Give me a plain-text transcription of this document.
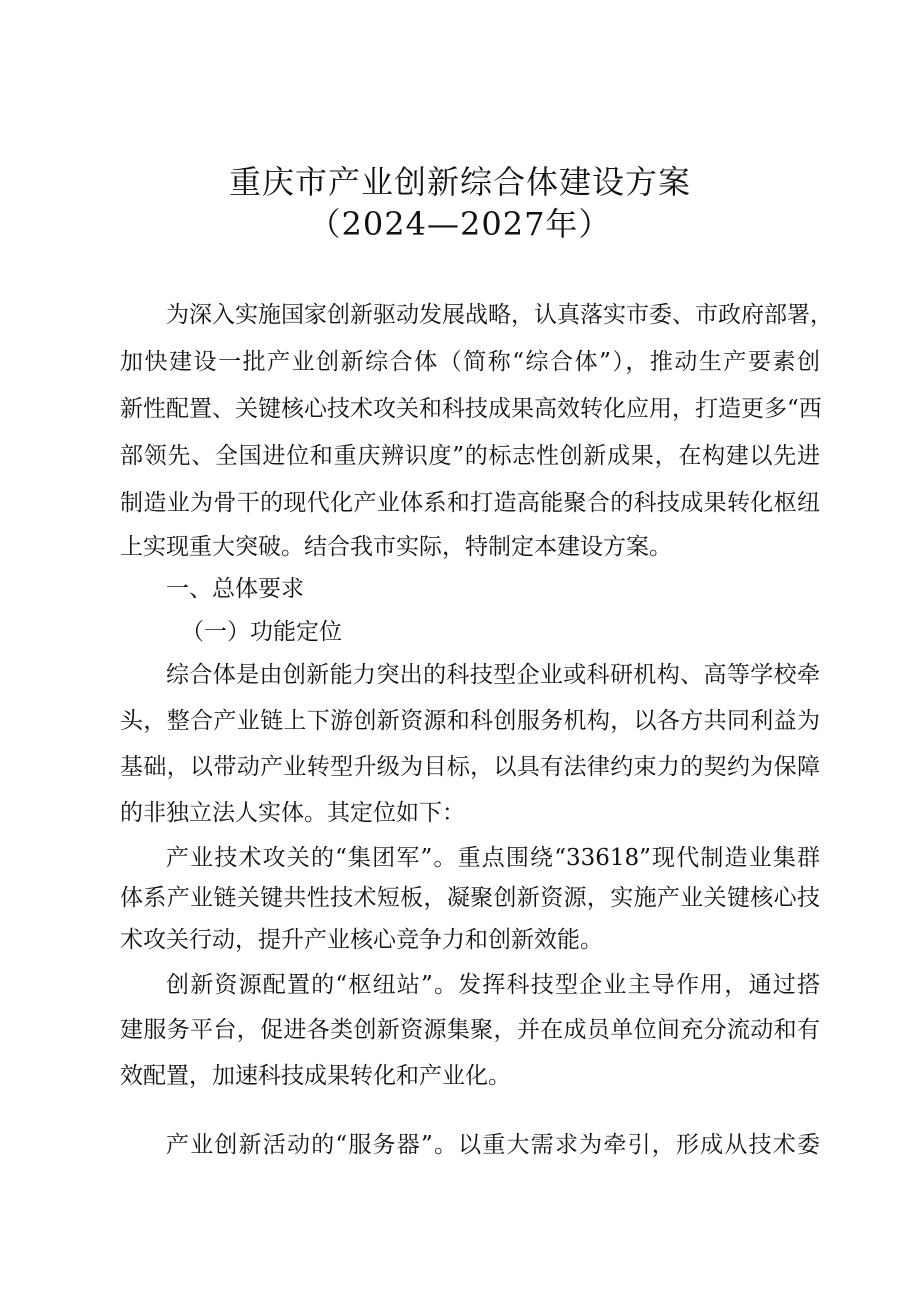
重庆市产业创新综合体建设方案
（2024—2027年）
为深入实施国家创新驱动发展战略，认真落实市委、市政府部署，
加快建设一批产业创新综合体（简称“综合体”），推动生产要素创
新性配置、关键核心技术攻关和科技成果高效转化应用，打造更多“西
部领先、全国进位和重庆辨识度”的标志性创新成果，在构建以先进
制造业为骨干的现代化产业体系和打造高能聚合的科技成果转化枢纽
上实现重大突破。结合我市实际，特制定本建设方案。
一、总体要求
（一）功能定位
综合体是由创新能力突出的科技型企业或科研机构、高等学校牵
头，整合产业链上下游创新资源和科创服务机构，以各方共同利益为
基础，以带动产业转型升级为目标，以具有法律约束力的契约为保障
的非独立法人实体。其定位如下：
产业技术攻关的“集团军”。重点围绕“33618”现代制造业集群
体系产业链关键共性技术短板，凝聚创新资源，实施产业关键核心技
术攻关行动，提升产业核心竞争力和创新效能。
创新资源配置的“枢纽站”。发挥科技型企业主导作用，通过搭
建服务平台，促进各类创新资源集聚，并在成员单位间充分流动和有
效配置，加速科技成果转化和产业化。
产业创新活动的“服务器”。以重大需求为牵引，形成从技术委
